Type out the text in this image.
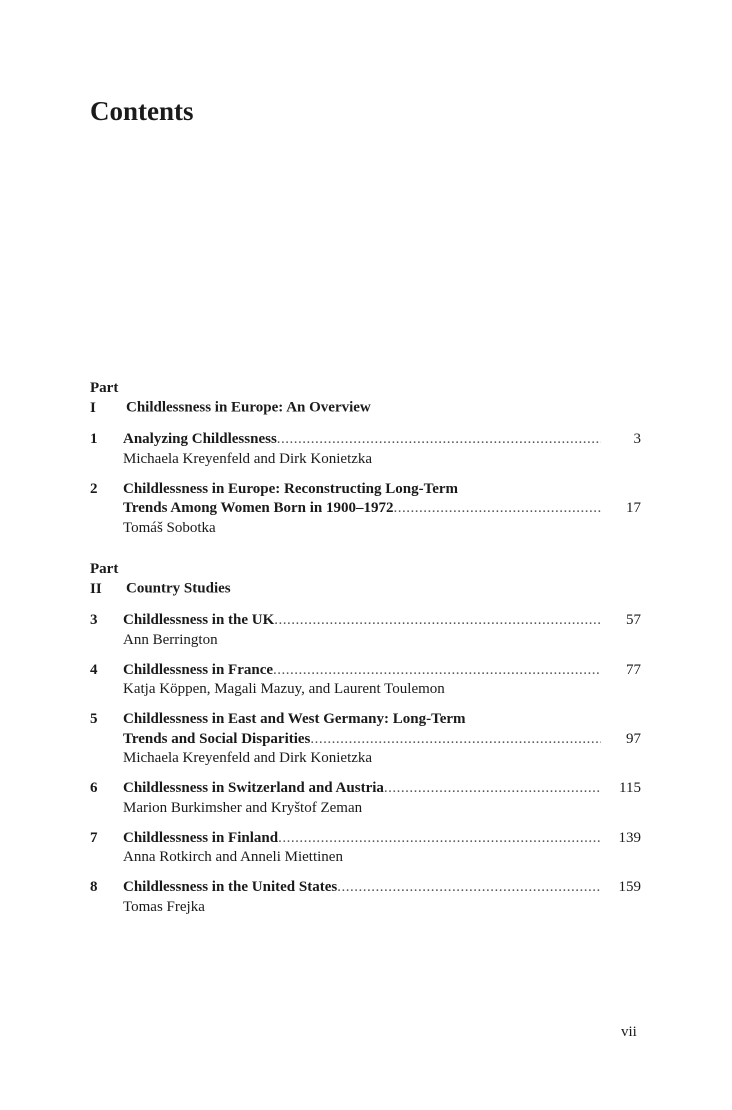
Contents
Part I Childlessness in Europe: An Overview
1	Analyzing Childlessness .....	3
Michaela Kreyenfeld and Dirk Konietzka
2	Childlessness in Europe: Reconstructing Long-Term
Trends Among Women Born in 1900–1972 .....	17
Tomáš Sobotka
Part II Country Studies
3	Childlessness in the UK .....	57
Ann Berrington
4	Childlessness in France .....	77
Katja Köppen, Magali Mazuy, and Laurent Toulemon
5	Childlessness in East and West Germany: Long-Term
Trends and Social Disparities .....	97
Michaela Kreyenfeld and Dirk Konietzka
6	Childlessness in Switzerland and Austria .....	115
Marion Burkimsher and Kryštof Zeman
7	Childlessness in Finland .....	139
Anna Rotkirch and Anneli Miettinen
8	Childlessness in the United States .....	159
Tomas Frejka
vii
